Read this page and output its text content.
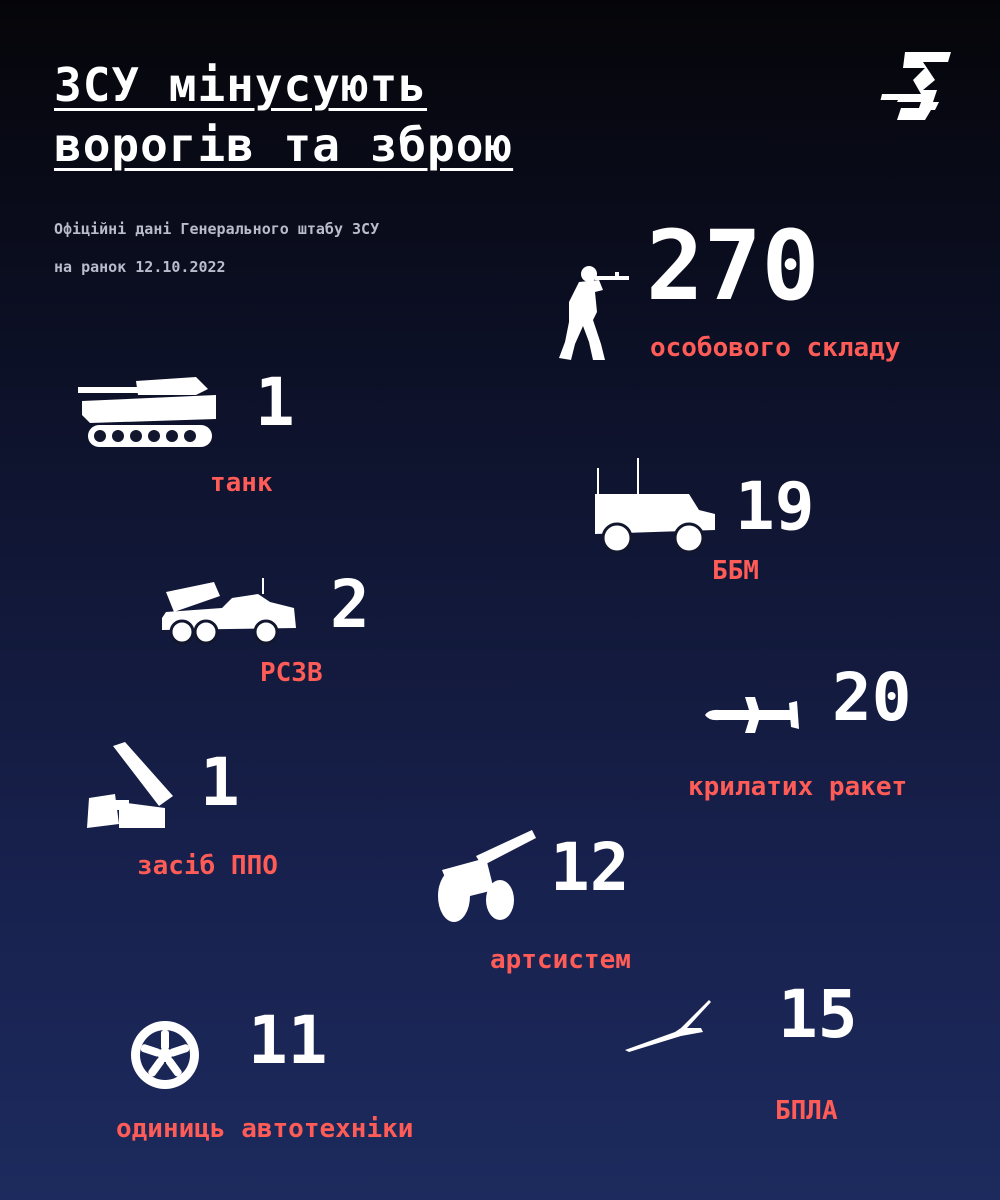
ЗСУ мінусують
ворогів та зброю
Офіційні дані Генерального штабу ЗСУ
на ранок 12.10.2022	270
особового складу
1
танк	19
ББМ
2
РСЗВ	20
крилатих ракет
1
засіб ППО	12
артсистем
11
одиниць автотехніки
15
БПЛА
